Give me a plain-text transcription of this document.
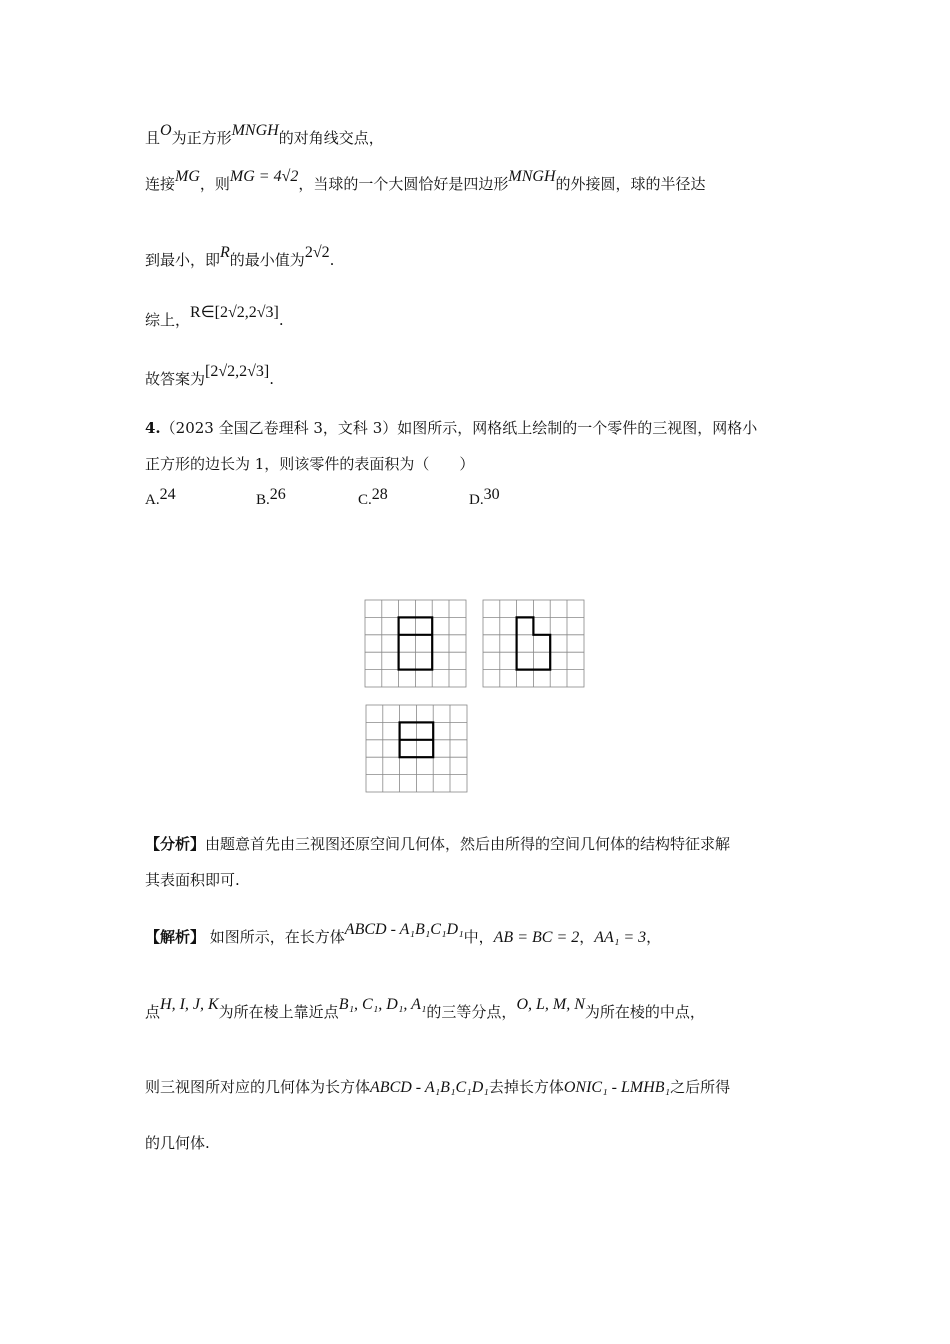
且O为正方形MNGH的对角线交点，
连接MG，则MG = 4√2，当球的一个大圆恰好是四边形MNGH的外接圆，球的半径达
到最小，即R的最小值为2√2.
综上，R∈[2√2,2√3].
故答案为[2√2,2√3].
4.（2023 全国乙卷理科 3，文科 3）如图所示，网格纸上绘制的一个零件的三视图，网格小
正方形的边长为 1，则该零件的表面积为（　　）
A.24	B.26	C.28	D.30
【分析】由题意首先由三视图还原空间几何体，然后由所得的空间几何体的结构特征求解
其表面积即可.
【解析】 如图所示，在长方体ABCD - A₁B₁C₁D₁中，AB = BC = 2，AA₁ = 3，
点H, I, J, K为所在棱上靠近点B₁, C₁, D₁, A₁的三等分点，O, L, M, N为所在棱的中点，
则三视图所对应的几何体为长方体ABCD - A₁B₁C₁D₁去掉长方体ONIC₁ - LMHB₁之后所得
的几何体.
